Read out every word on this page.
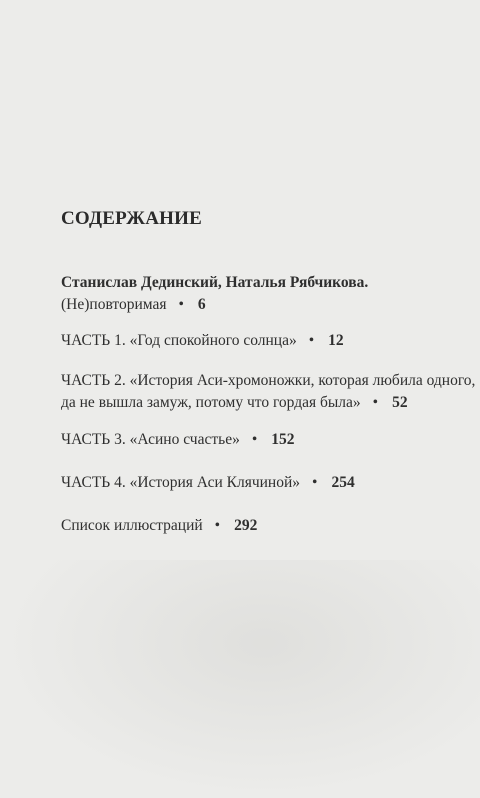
СОДЕРЖАНИЕ
Станислав Дединский, Наталья Рябчикова.
(Не)повторимая • 6
ЧАСТЬ 1. «Год спокойного солнца» • 12
ЧАСТЬ 2. «История Аси-хромоножки, которая любила одного,
да не вышла замуж, потому что гордая была» • 52
ЧАСТЬ 3. «Асино счастье» • 152
ЧАСТЬ 4. «История Аси Клячиной» • 254
Список иллюстраций • 292
